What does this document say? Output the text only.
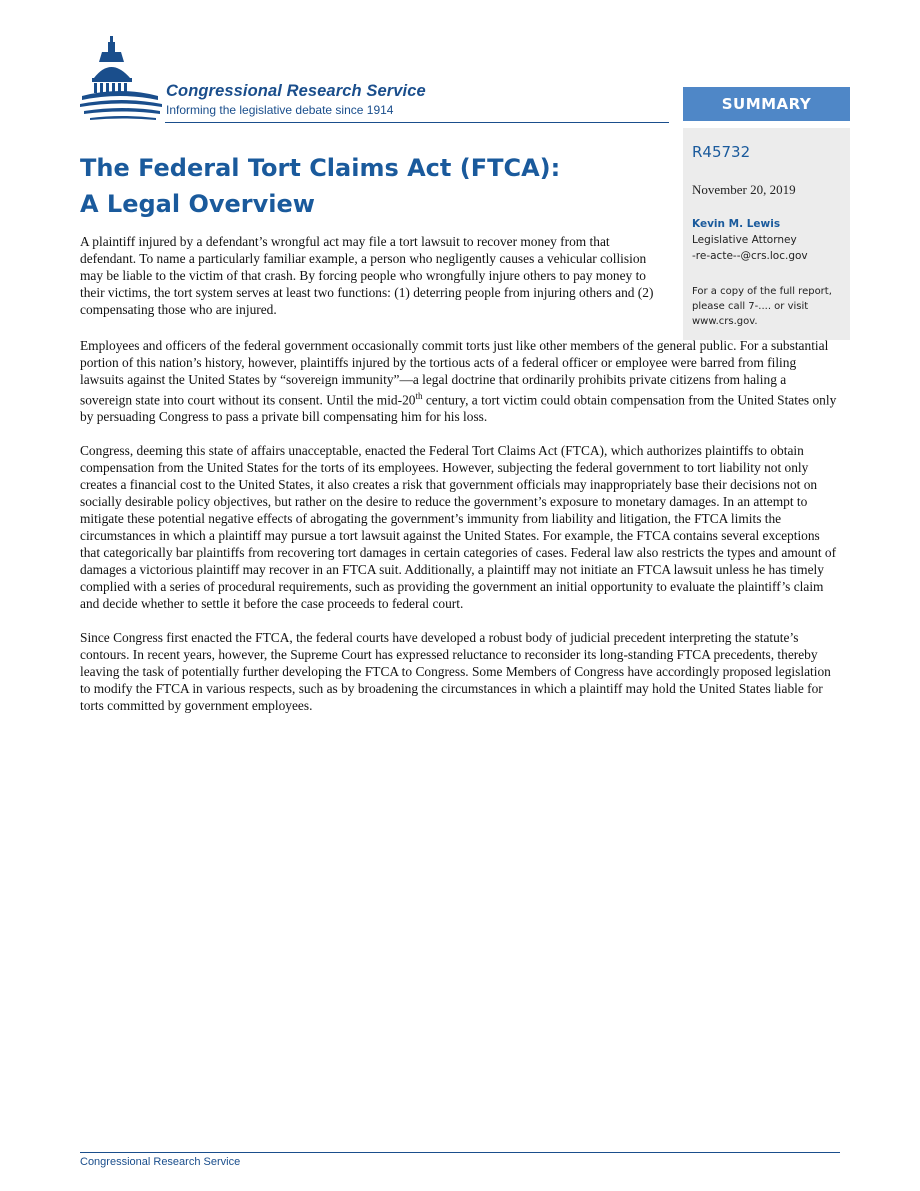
Congressional Research Service
Informing the legislative debate since 1914	SUMMARY
R45732
November 20, 2019
Kevin M. Lewis
Legislative Attorney
-re-acte--@crs.loc.gov
For a copy of the full report, please call 7-.... or visit www.crs.gov.
The Federal Tort Claims Act (FTCA):
A Legal Overview
A plaintiff injured by a defendant’s wrongful act may file a tort lawsuit to recover money from that defendant. To name a particularly familiar example, a person who negligently causes a vehicular collision may be liable to the victim of that crash. By forcing people who wrongfully injure others to pay money to their victims, the tort system serves at least two functions: (1) deterring people from injuring others and (2) compensating those who are injured.

Employees and officers of the federal government occasionally commit torts just like other members of the general public. For a substantial portion of this nation’s history, however, plaintiffs injured by the tortious acts of a federal officer or employee were barred from filing lawsuits against the United States by “sovereign immunity”—a legal doctrine that ordinarily prohibits private citizens from haling a sovereign state into court without its consent. Until the mid-20th century, a tort victim could obtain compensation from the United States only by persuading Congress to pass a private bill compensating him for his loss.

Congress, deeming this state of affairs unacceptable, enacted the Federal Tort Claims Act (FTCA), which authorizes plaintiffs to obtain compensation from the United States for the torts of its employees. However, subjecting the federal government to tort liability not only creates a financial cost to the United States, it also creates a risk that government officials may inappropriately base their decisions not on socially desirable policy objectives, but rather on the desire to reduce the government’s exposure to monetary damages. In an attempt to mitigate these potential negative effects of abrogating the government’s immunity from liability and litigation, the FTCA limits the circumstances in which a plaintiff may pursue a tort lawsuit against the United States. For example, the FTCA contains several exceptions that categorically bar plaintiffs from recovering tort damages in certain categories of cases. Federal law also restricts the types and amount of damages a victorious plaintiff may recover in an FTCA suit. Additionally, a plaintiff may not initiate an FTCA lawsuit unless he has timely complied with a series of procedural requirements, such as providing the government an initial opportunity to evaluate the plaintiff’s claim and decide whether to settle it before the case proceeds to federal court.

Since Congress first enacted the FTCA, the federal courts have developed a robust body of judicial precedent interpreting the statute’s contours. In recent years, however, the Supreme Court has expressed reluctance to reconsider its long-standing FTCA precedents, thereby leaving the task of potentially further developing the FTCA to Congress. Some Members of Congress have accordingly proposed legislation to modify the FTCA in various respects, such as by broadening the circumstances in which a plaintiff may hold the United States liable for torts committed by government employees.

Congressional Research Service
